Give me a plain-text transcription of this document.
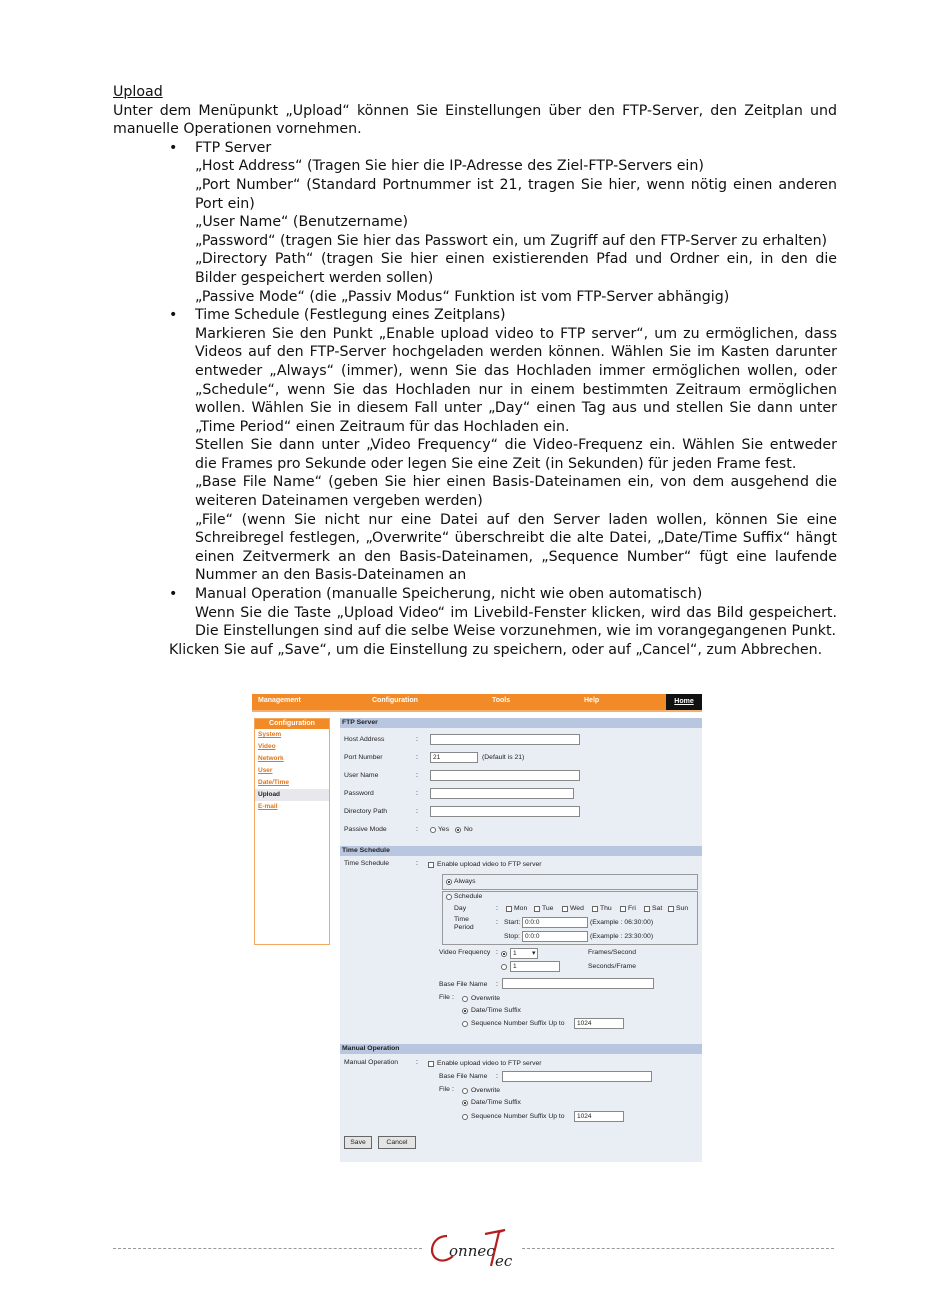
Upload

Unter dem Menüpunkt „Upload“ können Sie Einstellungen über den FTP-Server, den Zeitplan und manuelle Operationen vornehmen.

• FTP Server
„Host Address“ (Tragen Sie hier die IP-Adresse des Ziel-FTP-Servers ein)
„Port Number“ (Standard Portnummer ist 21, tragen Sie hier, wenn nötig einen anderen Port ein)
„User Name“ (Benutzername)
„Password“ (tragen Sie hier das Passwort ein, um Zugriff auf den FTP-Server zu erhalten)
„Directory Path“ (tragen Sie hier einen existierenden Pfad und Ordner ein, in den die Bilder gespeichert werden sollen)
„Passive Mode“ (die „Passiv Modus“ Funktion ist vom FTP-Server abhängig)
• Time Schedule (Festlegung eines Zeitplans)
Markieren Sie den Punkt „Enable upload video to FTP server“, um zu ermöglichen, dass Videos auf den FTP-Server hochgeladen werden können. Wählen Sie im Kasten darunter entweder „Always“ (immer), wenn Sie das Hochladen immer ermöglichen wollen, oder „Schedule“, wenn Sie das Hochladen nur in einem bestimmten Zeitraum ermöglichen wollen. Wählen Sie in diesem Fall unter „Day“ einen Tag aus und stellen Sie dann unter „Time Period“ einen Zeitraum für das Hochladen ein.
Stellen Sie dann unter „Video Frequency“ die Video-Frequenz ein. Wählen Sie entweder die Frames pro Sekunde oder legen Sie eine Zeit (in Sekunden) für jeden Frame fest.
„Base File Name“ (geben Sie hier einen Basis-Dateinamen ein, von dem ausgehend die weiteren Dateinamen vergeben werden)
„File“ (wenn Sie nicht nur eine Datei auf den Server laden wollen, können Sie eine Schreibregel festlegen, „Overwrite“ überschreibt die alte Datei, „Date/Time Suffix“ hängt einen Zeitvermerk an den Basis-Dateinamen, „Sequence Number“ fügt eine laufende Nummer an den Basis-Dateinamen an
• Manual Operation (manualle Speicherung, nicht wie oben automatisch)
Wenn Sie die Taste „Upload Video“ im Livebild-Fenster klicken, wird das Bild gespeichert. Die Einstellungen sind auf die selbe Weise vorzunehmen, wie im vorangegangenen Punkt.

Klicken Sie auf „Save“, um die Einstellung zu speichern, oder auf „Cancel“, zum Abbrechen.

Management	Configuration	Tools	Help	Home
Configuration
System
Video
Network
User
Date/Time
Upload
E-mail
FTP Server
Host Address	:
Port Number	:	21	(Default is 21)
User Name	:
Password	:
Directory Path	:
Passive Mode	:	Yes No
Time Schedule
Time Schedule	:	Enable upload video to FTP server
Always
Schedule
Day	: Mon Tue Wed Thu Fri Sat Sun
Time
Period
: Start: 0:0:0	(Example : 06:30:00)
Stop: 0:0:0	(Example : 23:30:00)
Video Frequency :	1	▾	Frames/Second
1	Seconds/Frame
Base File Name :
File :	Overwrite
Date/Time Suffix
Sequence Number Suffix Up to	1024
Manual Operation
Manual Operation	:	Enable upload video to FTP server
Base File Name :
File :	Overwrite
Date/Time Suffix
Sequence Number Suffix Up to	1024
Save	Cancel
onnec
ec
